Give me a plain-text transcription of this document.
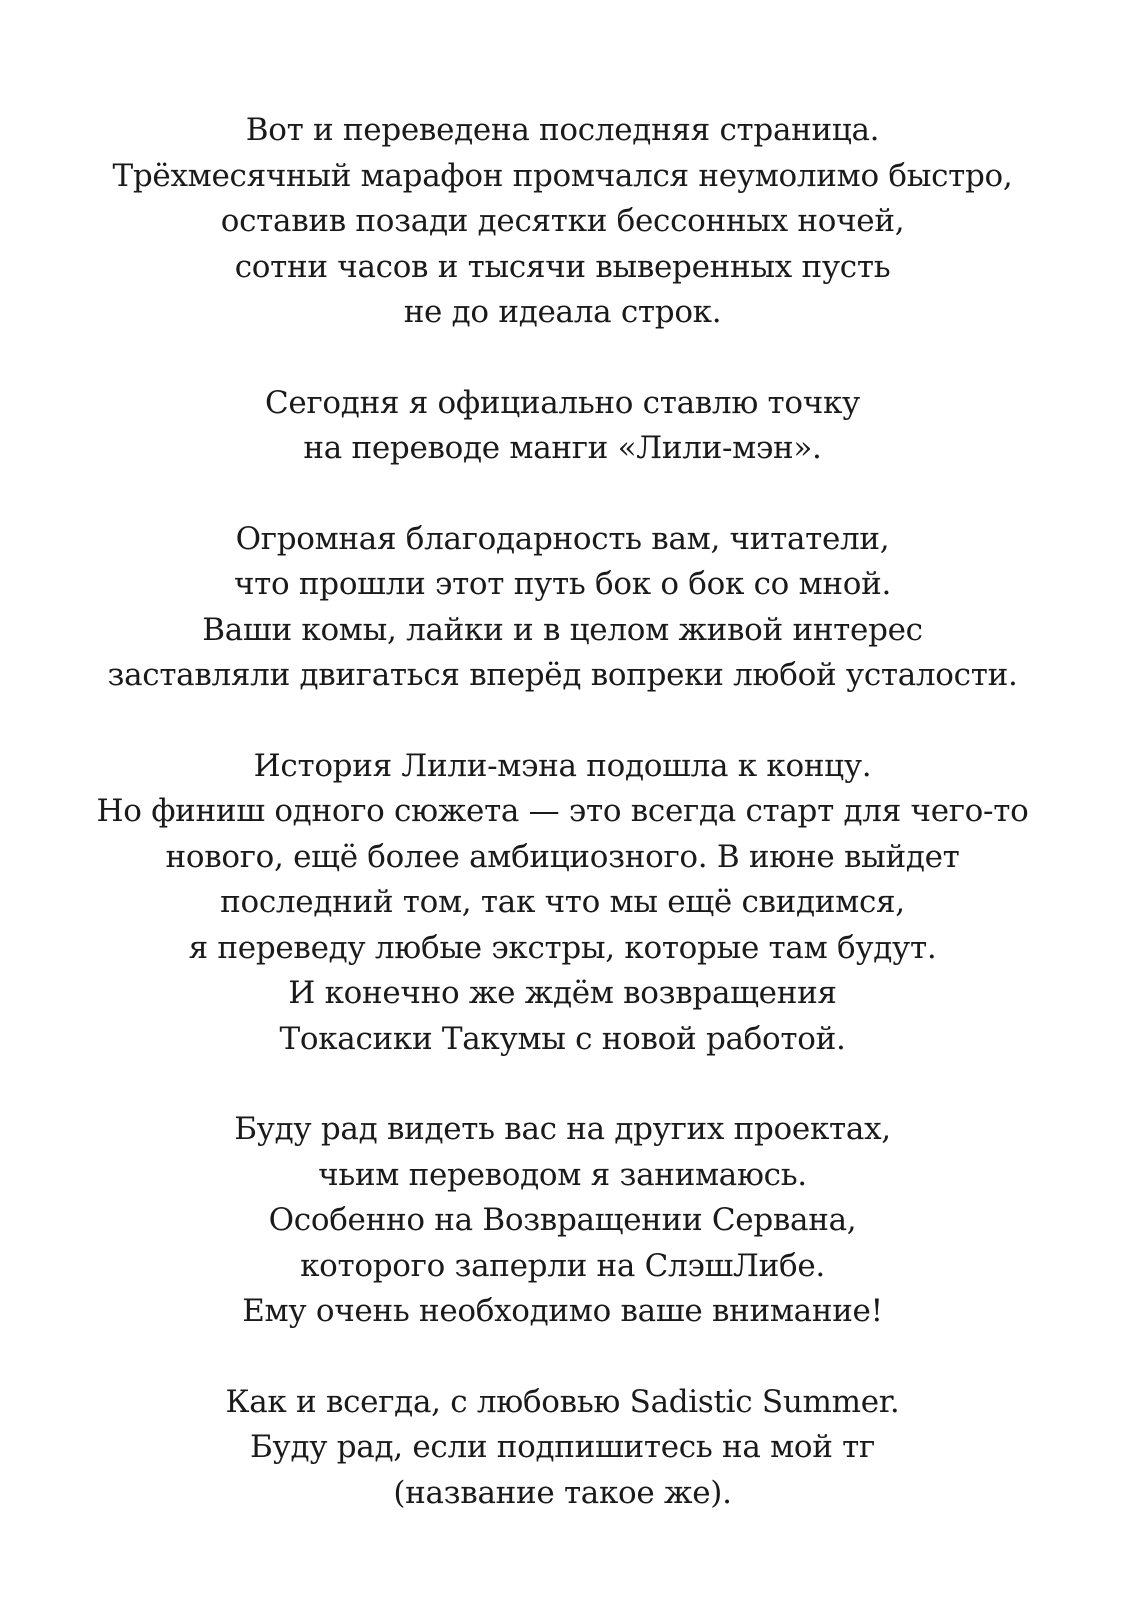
Вот и переведена последняя страница.
Трёхмесячный марафон промчался неумолимо быстро,
оставив позади десятки бессонных ночей,
сотни часов и тысячи выверенных пусть
не до идеала строк.
Сегодня я официально ставлю точку
на переводе манги «Лили-мэн».
Огромная благодарность вам, читатели,
что прошли этот путь бок о бок со мной.
Ваши комы, лайки и в целом живой интерес
заставляли двигаться вперёд вопреки любой усталости.
История Лили-мэна подошла к концу.
Но финиш одного сюжета — это всегда старт для чего-то
нового, ещё более амбициозного. В июне выйдет
последний том, так что мы ещё свидимся,
я переведу любые экстры, которые там будут.
И конечно же ждём возвращения
Токасики Такумы с новой работой.
Буду рад видеть вас на других проектах,
чьим переводом я занимаюсь.
Особенно на Возвращении Сервана,
которого заперли на СлэшЛибе.
Ему очень необходимо ваше внимание!
Как и всегда, с любовью Sadistic Summer.
Буду рад, если подпишитесь на мой тг
(название такое же).
